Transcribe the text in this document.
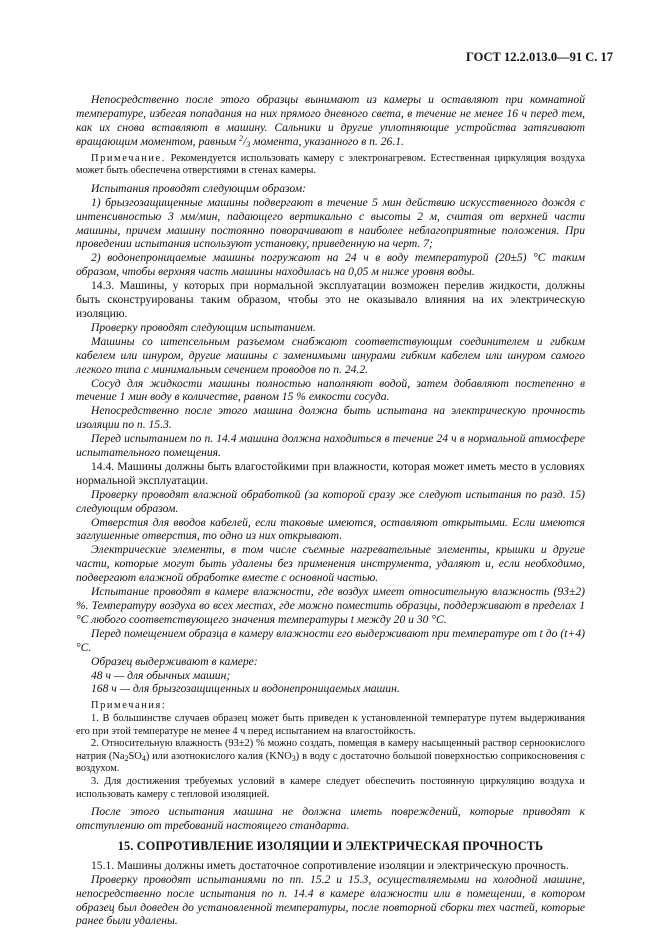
ГОСТ 12.2.013.0—91 С. 17

Непосредственно после этого образцы вынимают из камеры и оставляют при комнатной температуре, избегая попадания на них прямого дневного света, в течение не менее 16 ч перед тем, как их снова вставляют в машину. Сальники и другие уплотняющие устройства затягивают вращающим моментом, равным $^2/_3$ момента, указанного в п. 26.1.

Примечание. Рекомендуется использовать камеру с электронагревом. Естественная циркуляция воздуха может быть обеспечена отверстиями в стенах камеры.

Испытания проводят следующим образом:

1) брызгозащищенные машины подвергают в течение 5 мин действию искусственного дождя с интенсивностью 3 мм/мин, падающего вертикально с высоты 2 м, считая от верхней части машины, причем машину постоянно поворачивают в наиболее неблагоприятные положения. При проведении испытания используют установку, приведенную на черт. 7;

2) водонепроницаемые машины погружают на 24 ч в воду температурой (20±5) °С таким образом, чтобы верхняя часть машины находилась на 0,05 м ниже уровня воды.

14.3. Машины, у которых при нормальной эксплуатации возможен перелив жидкости, должны быть сконструированы таким образом, чтобы это не оказывало влияния на их электрическую изоляцию.

Проверку проводят следующим испытанием.

Машины со штепсельным разъемом снабжают соответствующим соединителем и гибким кабелем или шнуром, другие машины с заменимыми шнурами гибким кабелем или шнуром самого легкого типа с минимальным сечением проводов по п. 24.2.

Сосуд для жидкости машины полностью наполняют водой, затем добавляют постепенно в течение 1 мин воду в количестве, равном 15 % емкости сосуда.

Непосредственно после этого машина должна быть испытана на электрическую прочность изоляции по п. 15.3.

Перед испытанием по п. 14.4 машина должна находиться в течение 24 ч в нормальной атмосфере испытательного помещения.

14.4. Машины должны быть влагостойкими при влажности, которая может иметь место в условиях нормальной эксплуатации.

Проверку проводят влажной обработкой (за которой сразу же следуют испытания по разд. 15) следующим образом.

Отверстия для вводов кабелей, если таковые имеются, оставляют открытыми. Если имеются заглушенные отверстия, то одно из них открывают.

Электрические элементы, в том числе съемные нагревательные элементы, крышки и другие части, которые могут быть удалены без применения инструмента, удаляют и, если необходимо, подвергают влажной обработке вместе с основной частью.

Испытание проводят в камере влажности, где воздух имеет относительную влажность (93±2) %. Температуру воздуха во всех местах, где можно поместить образцы, поддерживают в пределах 1 °С любого соответствующего значения температуры t между 20 и 30 °С.

Перед помещением образца в камеру влажности его выдерживают при температуре от t до (t+4) °С.

Образец выдерживают в камере:

48 ч — для обычных машин;

168 ч — для брызгозащищенных и водонепроницаемых машин.

Примечания:

1. В большинстве случаев образец может быть приведен к установленной температуре путем выдерживания его при этой температуре не менее 4 ч перед испытанием на влагостойкость.

2. Относительную влажность (93±2) % можно создать, помещая в камеру насыщенный раствор серноокислого натрия $(Na_2SO_4)$ или азотнокислого калия $(KNO_3)$ в воду с достаточно большой поверхностью соприкосновения с воздухом.

3. Для достижения требуемых условий в камере следует обеспечить постоянную циркуляцию воздуха и использовать камеру с тепловой изоляцией.

После этого испытания машина не должна иметь повреждений, которые приводят к отступлению от требований настоящего стандарта.

15. СОПРОТИВЛЕНИЕ ИЗОЛЯЦИИ И ЭЛЕКТРИЧЕСКАЯ ПРОЧНОСТЬ

15.1. Машины должны иметь достаточное сопротивление изоляции и электрическую прочность.

Проверку проводят испытаниями по пп. 15.2 и 15.3, осуществляемыми на холодной машине, непосредственно после испытания по п. 14.4 в камере влажности или в помещении, в котором образец был доведен до установленной температуры, после повторной сборки тех частей, которые ранее были удалены.
